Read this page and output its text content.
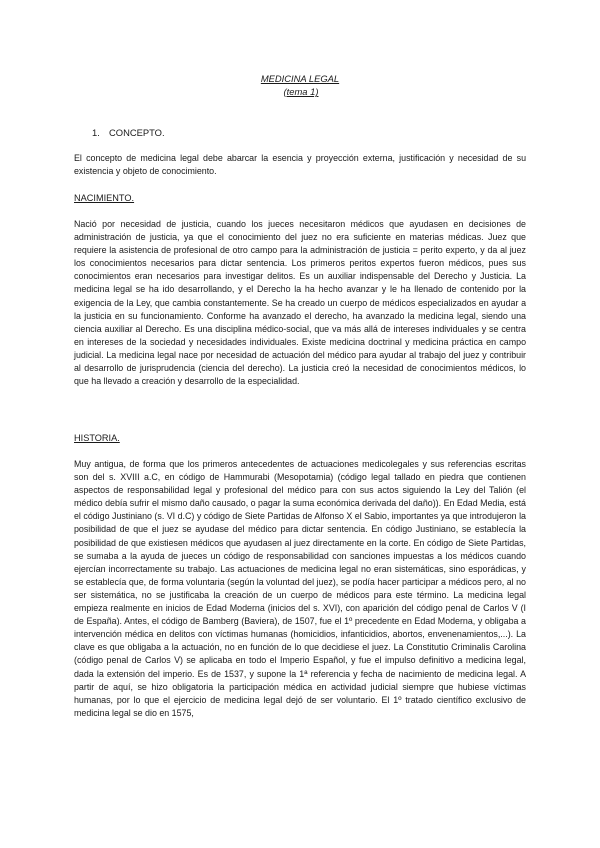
MEDICINA LEGAL
(tema 1)
1. CONCEPTO.
El concepto de medicina legal debe abarcar la esencia y proyección externa, justificación y necesidad de su existencia y objeto de conocimiento.
NACIMIENTO.
Nació por necesidad de justicia, cuando los jueces necesitaron médicos que ayudasen en decisiones de administración de justicia, ya que el conocimiento del juez no era suficiente en materias médicas. Juez que requiere la asistencia de profesional de otro campo para la administración de justicia = perito experto, y da al juez los conocimientos necesarios para dictar sentencia. Los primeros peritos expertos fueron médicos, pues sus conocimientos eran necesarios para investigar delitos. Es un auxiliar indispensable del Derecho y Justicia. La medicina legal se ha ido desarrollando, y el Derecho la ha hecho avanzar y le ha llenado de contenido por la exigencia de la Ley, que cambia constantemente. Se ha creado un cuerpo de médicos especializados en ayudar a la justicia en su funcionamiento. Conforme ha avanzado el derecho, ha avanzado la medicina legal, siendo una ciencia auxiliar al Derecho. Es una disciplina médico-social, que va más allá de intereses individuales y se centra en intereses de la sociedad y necesidades individuales. Existe medicina doctrinal y medicina práctica en campo judicial. La medicina legal nace por necesidad de actuación del médico para ayudar al trabajo del juez y contribuir al desarrollo de jurisprudencia (ciencia del derecho). La justicia creó la necesidad de conocimientos médicos, lo que ha llevado a creación y desarrollo de la especialidad.
HISTORIA.
Muy antigua, de forma que los primeros antecedentes de actuaciones medicolegales y sus referencias escritas son del s. XVIII a.C, en código de Hammurabi (Mesopotamia) (código legal tallado en piedra que contienen aspectos de responsabilidad legal y profesional del médico para con sus actos siguiendo la Ley del Talión (el médico debía sufrir el mismo daño causado, o pagar la suma económica derivada del daño)). En Edad Media, está el código Justiniano (s. VI d.C) y código de Siete Partidas de Alfonso X el Sabio, importantes ya que introdujeron la posibilidad de que el juez se ayudase del médico para dictar sentencia. En código Justiniano, se establecía la posibilidad de que existiesen médicos que ayudasen al juez directamente en la corte. En código de Siete Partidas, se sumaba a la ayuda de jueces un código de responsabilidad con sanciones impuestas a los médicos cuando ejercían incorrectamente su trabajo. Las actuaciones de medicina legal no eran sistemáticas, sino esporádicas, y se establecía que, de forma voluntaria (según la voluntad del juez), se podía hacer participar a médicos pero, al no ser sistemática, no se justificaba la creación de un cuerpo de médicos para este término. La medicina legal empieza realmente en inicios de Edad Moderna (inicios del s. XVI), con aparición del código penal de Carlos V (I de España). Antes, el código de Bamberg (Baviera), de 1507, fue el 1º precedente en Edad Moderna, y obligaba a intervención médica en delitos con víctimas humanas (homicidios, infanticidios, abortos, envenenamientos,...). La clave es que obligaba a la actuación, no en función de lo que decidiese el juez. La Constitutio Criminalis Carolina (código penal de Carlos V) se aplicaba en todo el Imperio Español, y fue el impulso definitivo a medicina legal, dada la extensión del imperio. Es de 1537, y supone la 1ª referencia y fecha de nacimiento de medicina legal. A partir de aquí, se hizo obligatoria la participación médica en actividad judicial siempre que hubiese víctimas humanas, por lo que el ejercicio de medicina legal dejó de ser voluntario. El 1º tratado científico exclusivo de medicina legal se dio en 1575,
